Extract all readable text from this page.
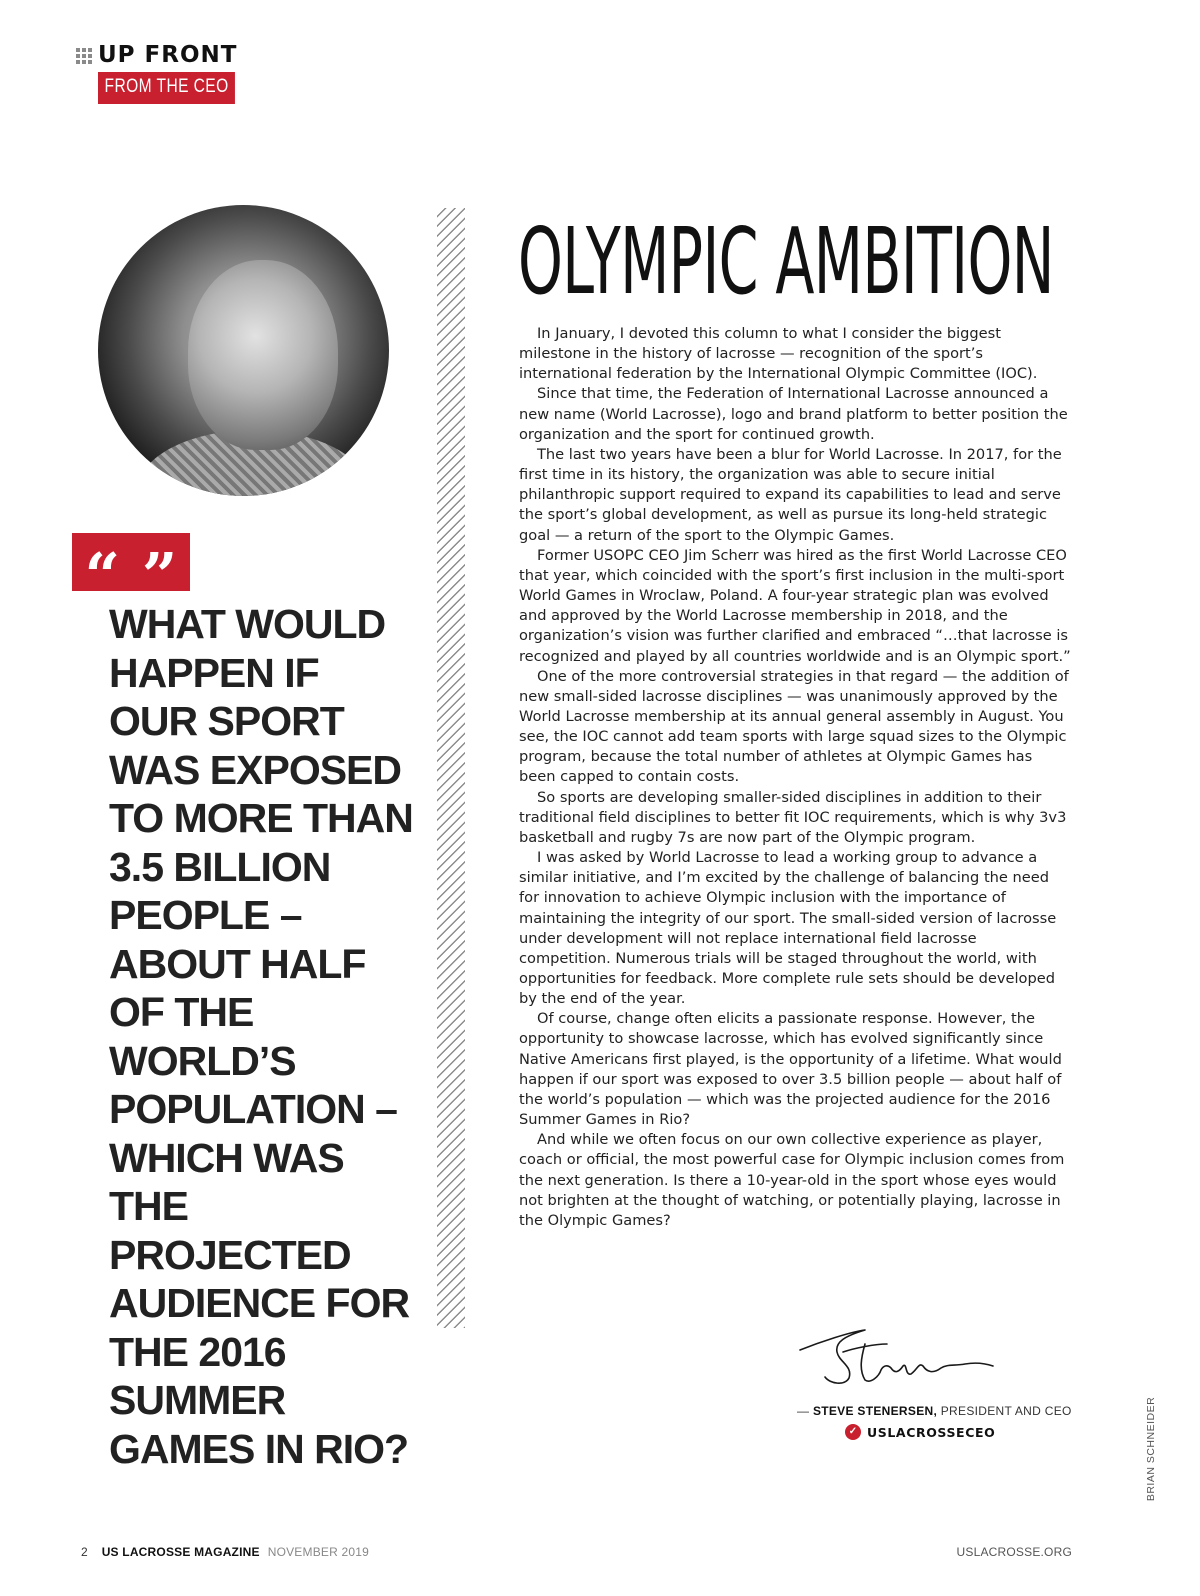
UP FRONT
FROM THE CEO
“ ”

WHAT WOULD HAPPEN IF OUR SPORT WAS EXPOSED TO MORE THAN 3.5 BILLION PEOPLE – ABOUT HALF OF THE WORLD’S POPULATION – WHICH WAS THE PROJECTED AUDIENCE FOR THE 2016 SUMMER GAMES IN RIO?

OLYMPIC AMBITION

In January, I devoted this column to what I consider the biggest milestone in the history of lacrosse — recognition of the sport’s international federation by the International Olympic Committee (IOC).

Since that time, the Federation of International Lacrosse announced a new name (World Lacrosse), logo and brand platform to better position the organization and the sport for continued growth.

The last two years have been a blur for World Lacrosse. In 2017, for the first time in its history, the organization was able to secure initial philanthropic support required to expand its capabilities to lead and serve the sport’s global development, as well as pursue its long-held strategic goal — a return of the sport to the Olympic Games.

Former USOPC CEO Jim Scherr was hired as the first World Lacrosse CEO that year, which coincided with the sport’s first inclusion in the multi-sport World Games in Wroclaw, Poland. A four-year strategic plan was evolved and approved by the World Lacrosse membership in 2018, and the organization’s vision was further clarified and embraced “…that lacrosse is recognized and played by all countries worldwide and is an Olympic sport.”

One of the more controversial strategies in that regard — the addition of new small-sided lacrosse disciplines — was unanimously approved by the World Lacrosse membership at its annual general assembly in August. You see, the IOC cannot add team sports with large squad sizes to the Olympic program, because the total number of athletes at Olympic Games has been capped to contain costs.

So sports are developing smaller-sided disciplines in addition to their traditional field disciplines to better fit IOC requirements, which is why 3v3 basketball and rugby 7s are now part of the Olympic program.

I was asked by World Lacrosse to lead a working group to advance a similar initiative, and I’m excited by the challenge of balancing the need for innovation to achieve Olympic inclusion with the importance of maintaining the integrity of our sport. The small-sided version of lacrosse under development will not replace international field lacrosse competition. Numerous trials will be staged throughout the world, with opportunities for feedback. More complete rule sets should be developed by the end of the year.

Of course, change often elicits a passionate response. However, the opportunity to showcase lacrosse, which has evolved significantly since Native Americans first played, is the opportunity of a lifetime. What would happen if our sport was exposed to over 3.5 billion people — about half of the world’s population — which was the projected audience for the 2016 Summer Games in Rio?

And while we often focus on our own collective experience as player, coach or official, the most powerful case for Olympic inclusion comes from the next generation. Is there a 10-year-old in the sport whose eyes would not brighten at the thought of watching, or potentially playing, lacrosse in the Olympic Games?

— STEVE STENERSEN, PRESIDENT AND CEO
✓ USLACROSSECEO	BRIAN SCHNEIDER
2 US LACROSSE MAGAZINE NOVEMBER 2019	USLACROSSE.ORG
